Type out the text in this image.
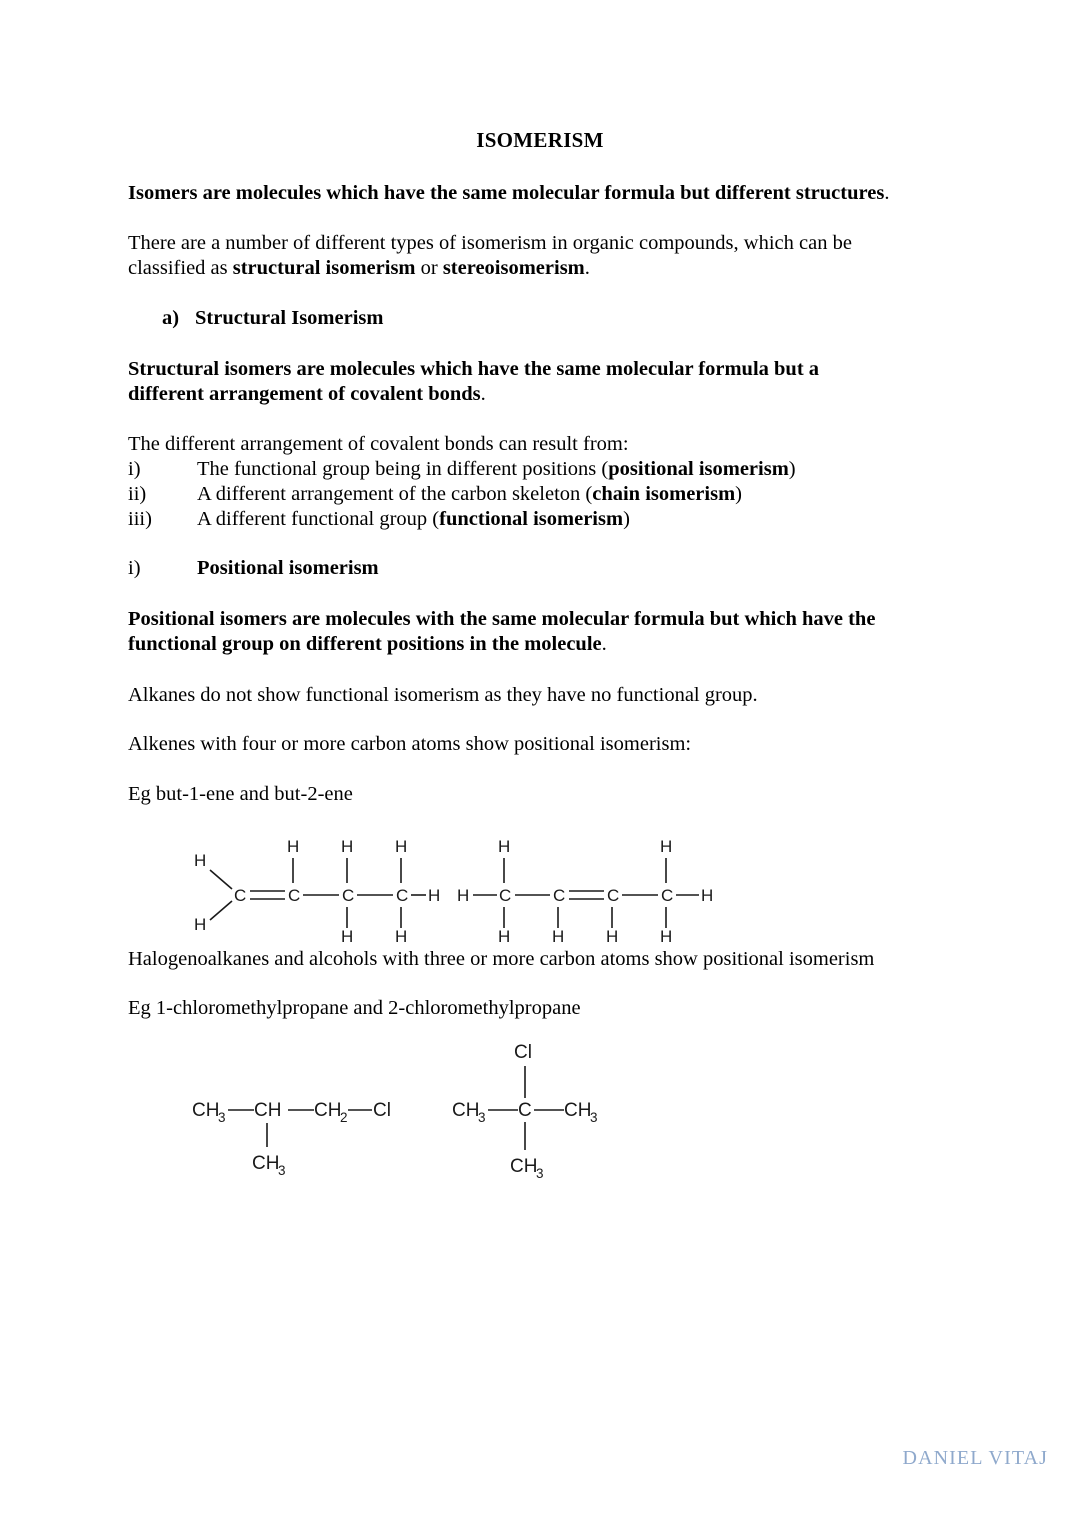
ISOMERISM
Isomers are molecules which have the same molecular formula but different structures.
There are a number of different types of isomerism in organic compounds, which can be
classified as structural isomerism or stereoisomerism.
a) Structural Isomerism
Structural isomers are molecules which have the same molecular formula but a
different arrangement of covalent bonds.
The different arrangement of covalent bonds can result from:
i)	The functional group being in different positions (positional isomerism)
ii) A different arrangement of the carbon skeleton (chain isomerism)
iii) A different functional group (functional isomerism)
i)	Positional isomerism
Positional isomers are molecules with the same molecular formula but which have the
functional group on different positions in the molecule.
Alkanes do not show functional isomerism as they have no functional group.
Alkenes with four or more carbon atoms show positional isomerism:
Eg but-1-ene and but-2-ene
H
H
C C C C H
H H H
H H
H C C C C H
H	H
H H H H
Halogenoalkanes and alcohols with three or more carbon atoms show positional isomerism
Eg 1-chloromethylpropane and 2-chloromethylpropane
CH
3 CH CH
2 Cl
CH
3
Cl
CH
3 C CH
3
CH
3
DANIEL VITAJ
